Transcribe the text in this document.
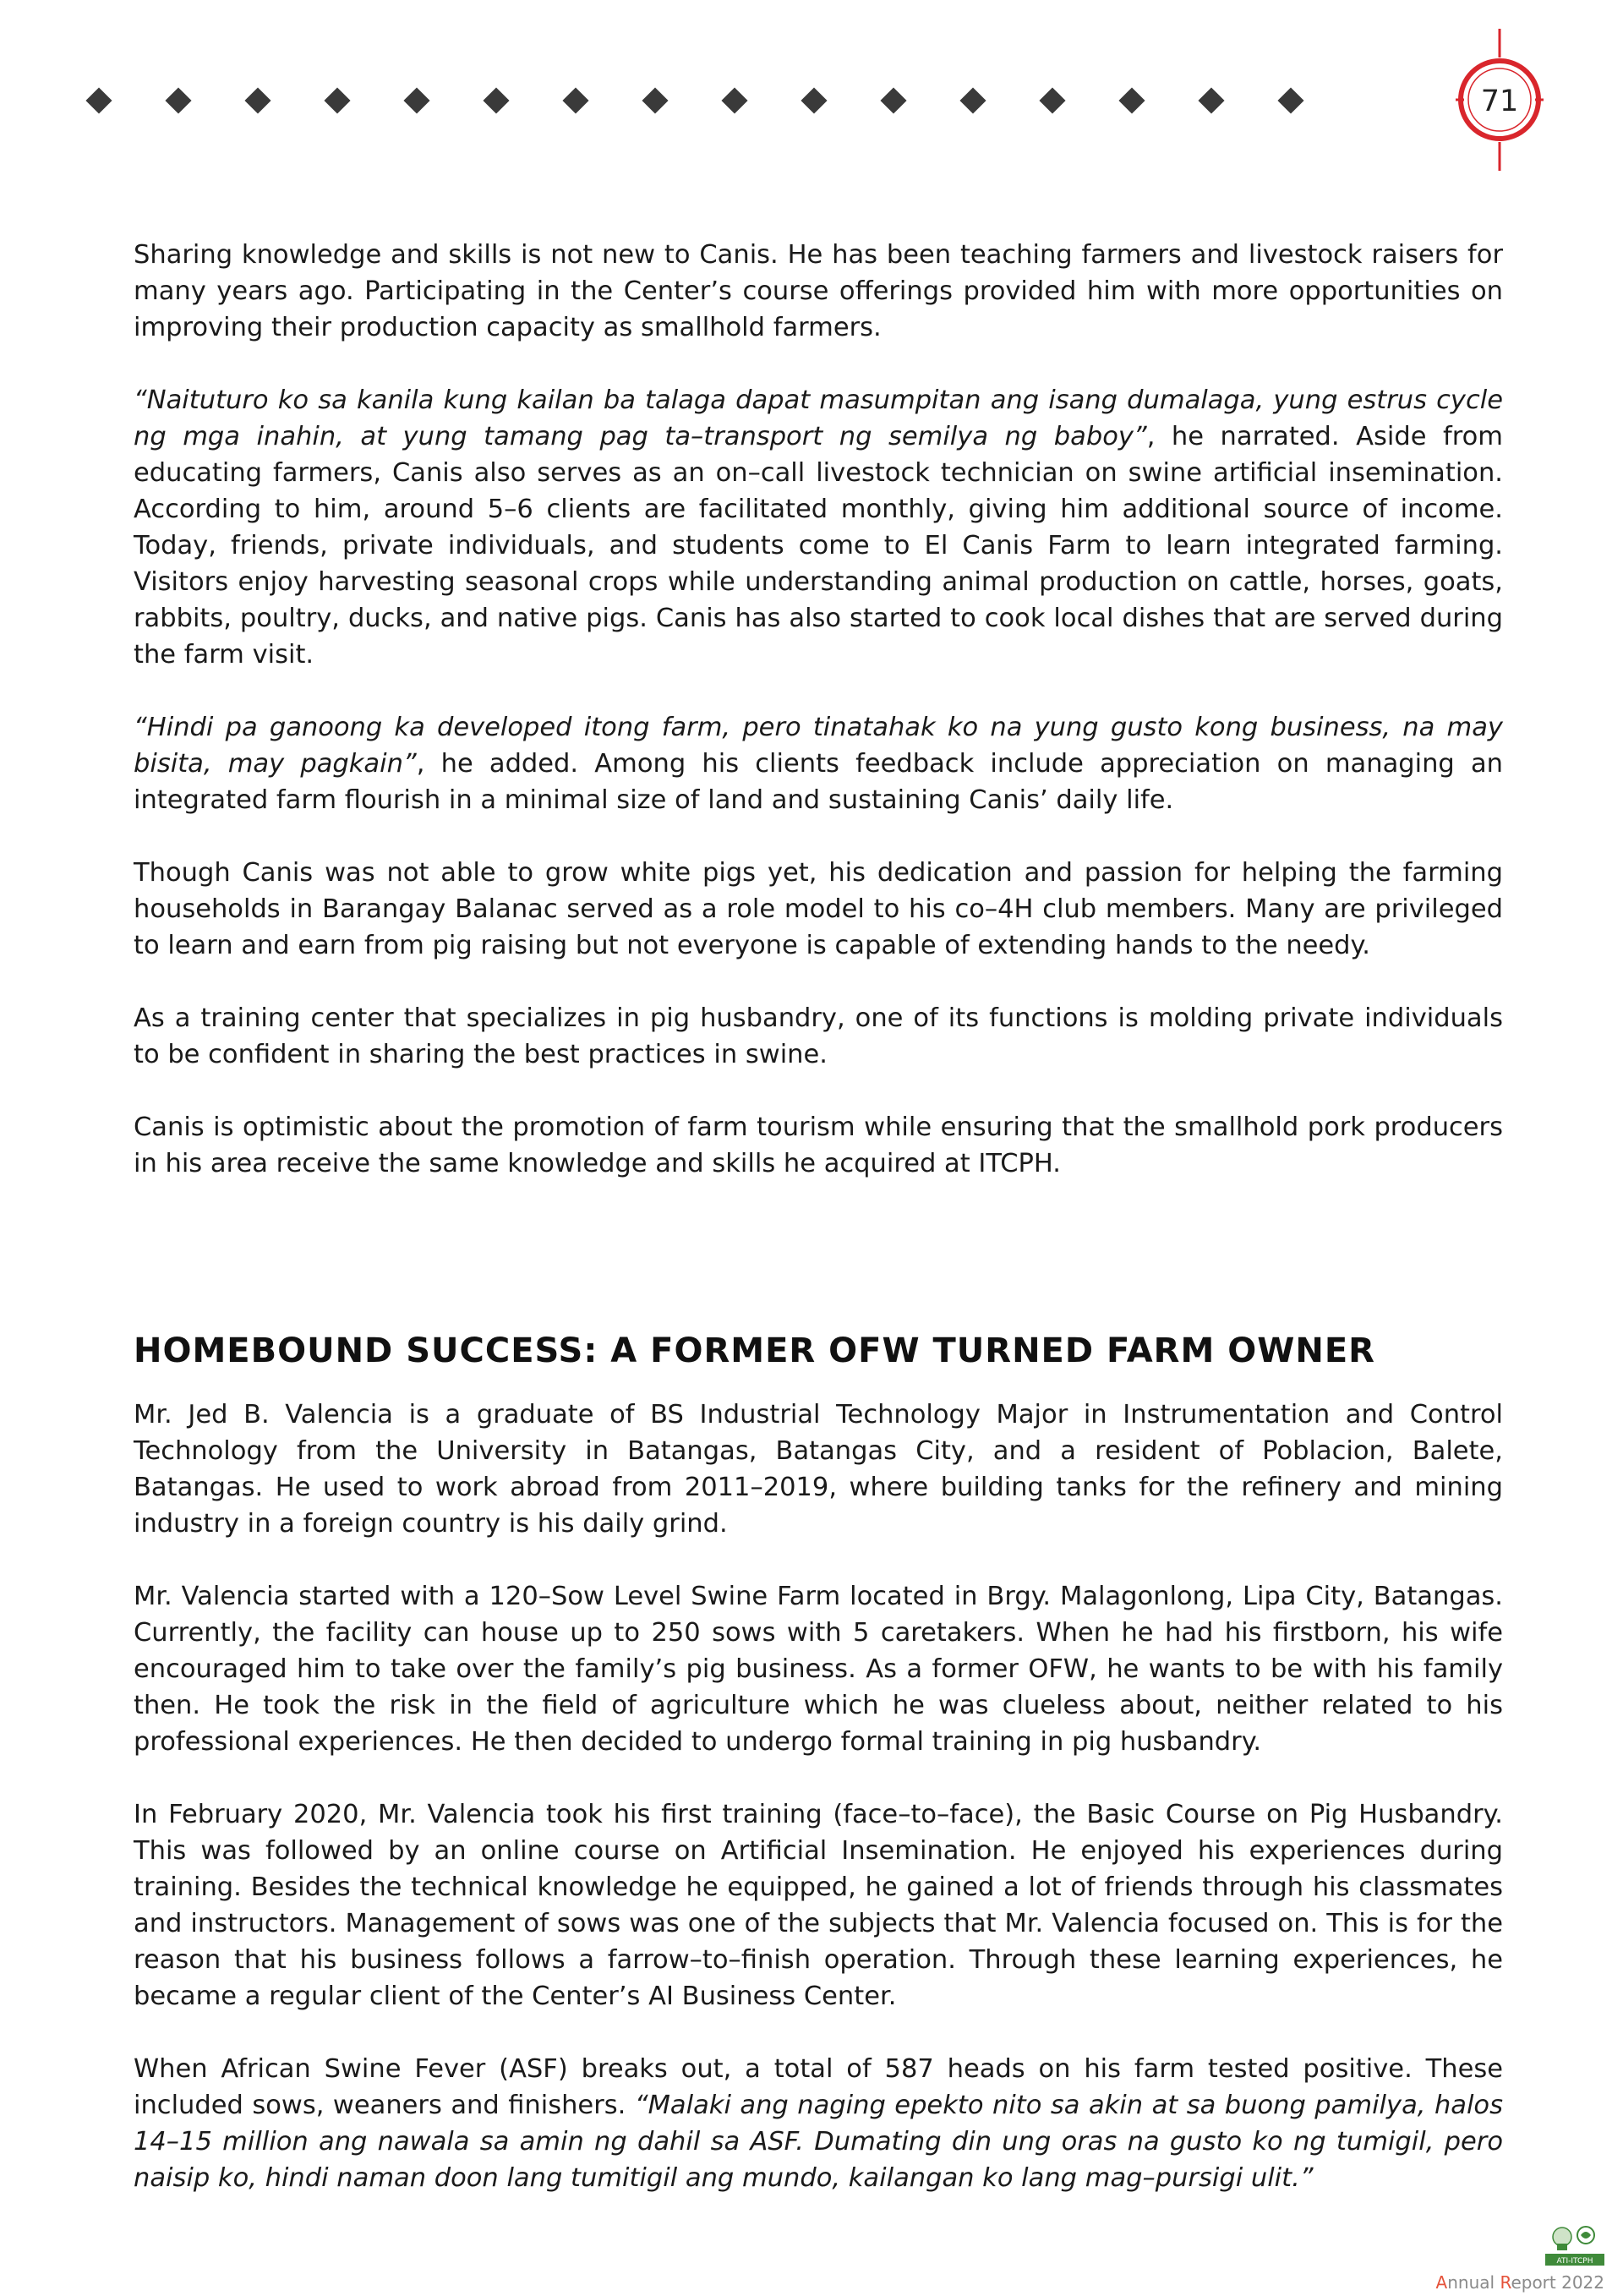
71

Sharing knowledge and skills is not new to Canis. He has been teaching farmers and livestock raisers for many years ago. Participating in the Center’s course offerings provided him with more opportunities on improving their production capacity as smallhold farmers.

“Naituturo ko sa kanila kung kailan ba talaga dapat masumpitan ang isang dumalaga, yung estrus cycle ng mga inahin, at yung tamang pag ta–transport ng semilya ng baboy”, he narrated. Aside from educating farmers, Canis also serves as an on–call livestock technician on swine artificial insemination. According to him, around 5–6 clients are facilitated monthly, giving him additional source of income. Today, friends, private individuals, and students come to El Canis Farm to learn integrated farming. Visitors enjoy harvesting seasonal crops while understanding animal production on cattle, horses, goats, rabbits, poultry, ducks, and native pigs. Canis has also started to cook local dishes that are served during the farm visit.

“Hindi pa ganoong ka developed itong farm, pero tinatahak ko na yung gusto kong business, na may bisita, may pagkain”, he added. Among his clients feedback include appreciation on managing an integrated farm flourish in a minimal size of land and sustaining Canis’ daily life.

Though Canis was not able to grow white pigs yet, his dedication and passion for helping the farming households in Barangay Balanac served as a role model to his co–4H club members. Many are privileged to learn and earn from pig raising but not everyone is capable of extending hands to the needy.

As a training center that specializes in pig husbandry, one of its functions is molding private individuals to be confident in sharing the best practices in swine.

Canis is optimistic about the promotion of farm tourism while ensuring that the smallhold pork producers in his area receive the same knowledge and skills he acquired at ITCPH.

HOMEBOUND SUCCESS: A FORMER OFW TURNED FARM OWNER

Mr. Jed B. Valencia is a graduate of BS Industrial Technology Major in Instrumentation and Control Technology from the University in Batangas, Batangas City, and a resident of Poblacion, Balete, Batangas. He used to work abroad from 2011–2019, where building tanks for the refinery and mining industry in a foreign country is his daily grind.

Mr. Valencia started with a 120–Sow Level Swine Farm located in Brgy. Malagonlong, Lipa City, Batangas. Currently, the facility can house up to 250 sows with 5 caretakers. When he had his firstborn, his wife encouraged him to take over the family’s pig business. As a former OFW, he wants to be with his family then. He took the risk in the field of agriculture which he was clueless about, neither related to his professional experiences. He then decided to undergo formal training in pig husbandry.

In February 2020, Mr. Valencia took his first training (face–to–face), the Basic Course on Pig Husbandry. This was followed by an online course on Artificial Insemination. He enjoyed his experiences during training. Besides the technical knowledge he equipped, he gained a lot of friends through his classmates and instructors. Management of sows was one of the subjects that Mr. Valencia focused on. This is for the reason that his business follows a farrow–to–finish operation. Through these learning experiences, he became a regular client of the Center’s AI Business Center.

When African Swine Fever (ASF) breaks out, a total of 587 heads on his farm tested positive. These included sows, weaners and finishers. “Malaki ang naging epekto nito sa akin at sa buong pamilya, halos 14–15 million ang nawala sa amin ng dahil sa ASF. Dumating din ung oras na gusto ko ng tumigil, pero naisip ko, hindi naman doon lang tumitigil ang mundo, kailangan ko lang mag–pursigi ulit.”

ATI-ITCPH
Annual Report 2022
